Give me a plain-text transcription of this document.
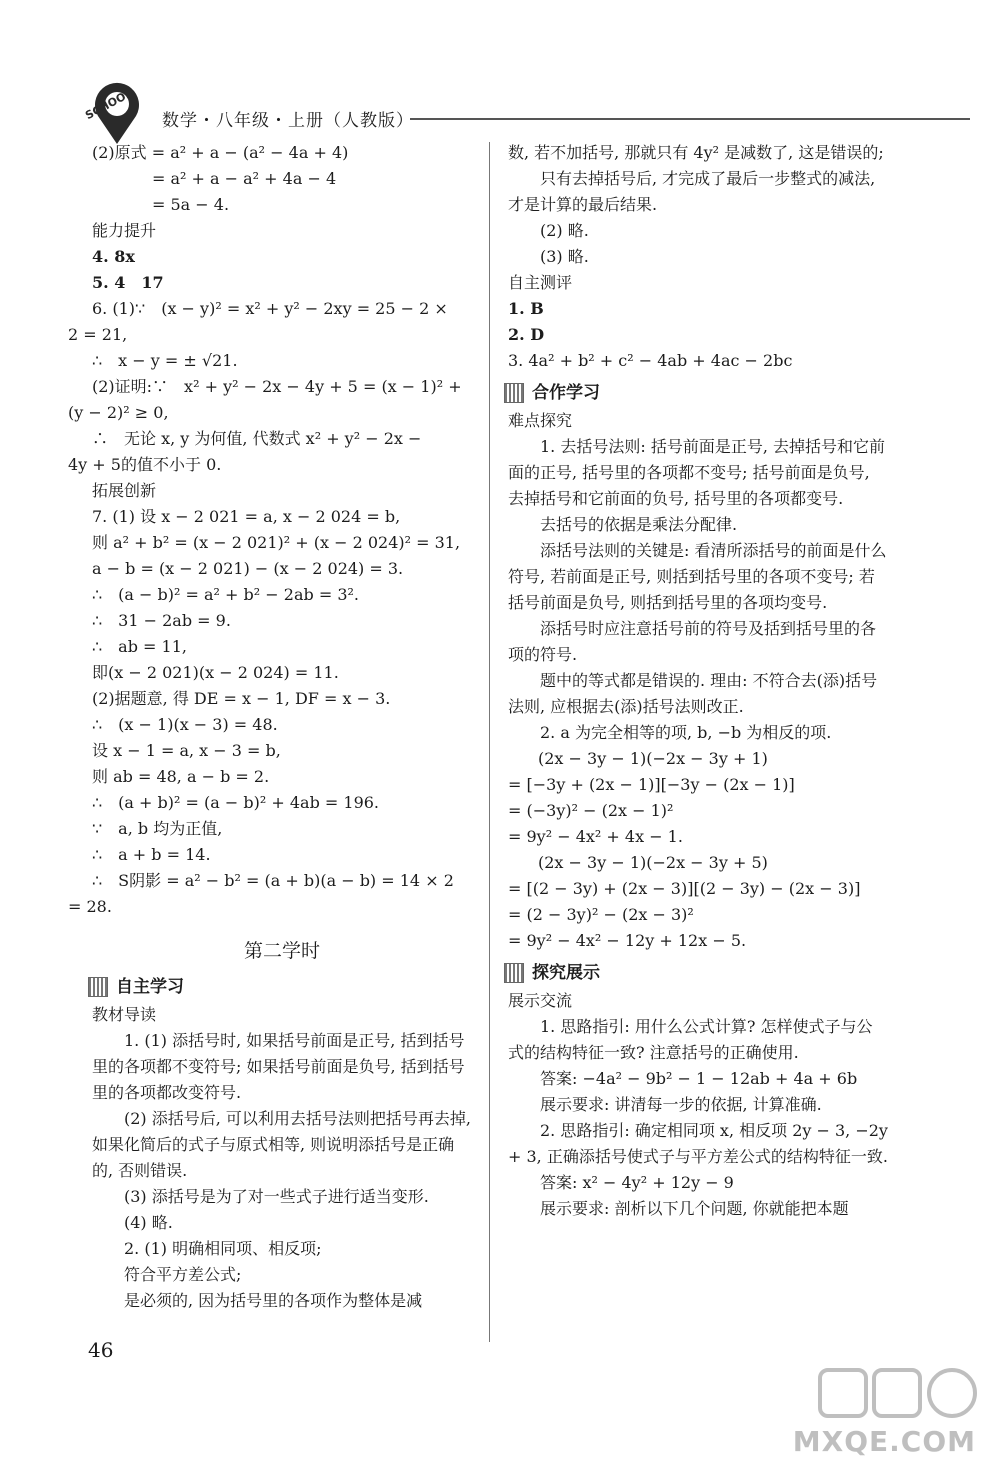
SCHOOL 数学・八年级・上册（人教版）
(2)原式 = a² + a − (a² − 4a + 4)
= a² + a − a² + 4a − 4
= 5a − 4.
能力提升
4. 8x
5. 4　17
6. (1)∵　(x − y)² = x² + y² − 2xy = 25 − 2 ×
2 = 21,
∴　x − y = ± √21.
(2)证明:∵　x² + y² − 2x − 4y + 5 = (x − 1)² +
(y − 2)² ≥ 0,
∴　无论 x, y 为何值, 代数式 x² + y² − 2x −
4y + 5的值不小于 0.
拓展创新
7. (1) 设 x − 2 021 = a, x − 2 024 = b,
则 a² + b² = (x − 2 021)² + (x − 2 024)² = 31,
a − b = (x − 2 021) − (x − 2 024) = 3.
∴　(a − b)² = a² + b² − 2ab = 3².
∴　31 − 2ab = 9.
∴　ab = 11,
即(x − 2 021)(x − 2 024) = 11.
(2)据题意, 得 DE = x − 1, DF = x − 3.
∴　(x − 1)(x − 3) = 48.
设 x − 1 = a, x − 3 = b,
则 ab = 48, a − b = 2.
∴　(a + b)² = (a − b)² + 4ab = 196.
∵　a, b 均为正值,
∴　a + b = 14.
∴　S阴影 = a² − b² = (a + b)(a − b) = 14 × 2
= 28.
第二学时
自主学习
教材导读
1. (1) 添括号时, 如果括号前面是正号, 括到括号里的各项都不变符号; 如果括号前面是负号, 括到括号里的各项都改变符号.
(2) 添括号后, 可以利用去括号法则把括号再去掉, 如果化简后的式子与原式相等, 则说明添括号是正确的, 否则错误.
(3) 添括号是为了对一些式子进行适当变形.
(4) 略.
2. (1) 明确相同项、相反项;
符合平方差公式;
是必须的, 因为括号里的各项作为整体是减
数, 若不加括号, 那就只有 4y² 是减数了, 这是错误的;
只有去掉括号后, 才完成了最后一步整式的减法, 才是计算的最后结果.
(2) 略.
(3) 略.
自主测评
1. B
2. D
3. 4a² + b² + c² − 4ab + 4ac − 2bc
合作学习
难点探究
1. 去括号法则: 括号前面是正号, 去掉括号和它前面的正号, 括号里的各项都不变号; 括号前面是负号, 去掉括号和它前面的负号, 括号里的各项都变号.
去括号的依据是乘法分配律.
添括号法则的关键是: 看清所添括号的前面是什么符号, 若前面是正号, 则括到括号里的各项不变号; 若括号前面是负号, 则括到括号里的各项均变号.
添括号时应注意括号前的符号及括到括号里的各项的符号.
题中的等式都是错误的. 理由: 不符合去(添)括号法则, 应根据去(添)括号法则改正.
2. a 为完全相等的项, b, −b 为相反的项.
(2x − 3y − 1)(−2x − 3y + 1)
= [−3y + (2x − 1)][−3y − (2x − 1)]
= (−3y)² − (2x − 1)²
= 9y² − 4x² + 4x − 1.
(2x − 3y − 1)(−2x − 3y + 5)
= [(2 − 3y) + (2x − 3)][(2 − 3y) − (2x − 3)]
= (2 − 3y)² − (2x − 3)²
= 9y² − 4x² − 12y + 12x − 5.
探究展示
展示交流
1. 思路指引: 用什么公式计算? 怎样使式子与公式的结构特征一致? 注意括号的正确使用.
答案: −4a² − 9b² − 1 − 12ab + 4a + 6b
展示要求: 讲清每一步的依据, 计算准确.
2. 思路指引: 确定相同项 x, 相反项 2y − 3, −2y + 3, 正确添括号使式子与平方差公式的结构特征一致.
答案: x² − 4y² + 12y − 9
展示要求: 剖析以下几个问题, 你就能把本题
46
MXQE.COM
